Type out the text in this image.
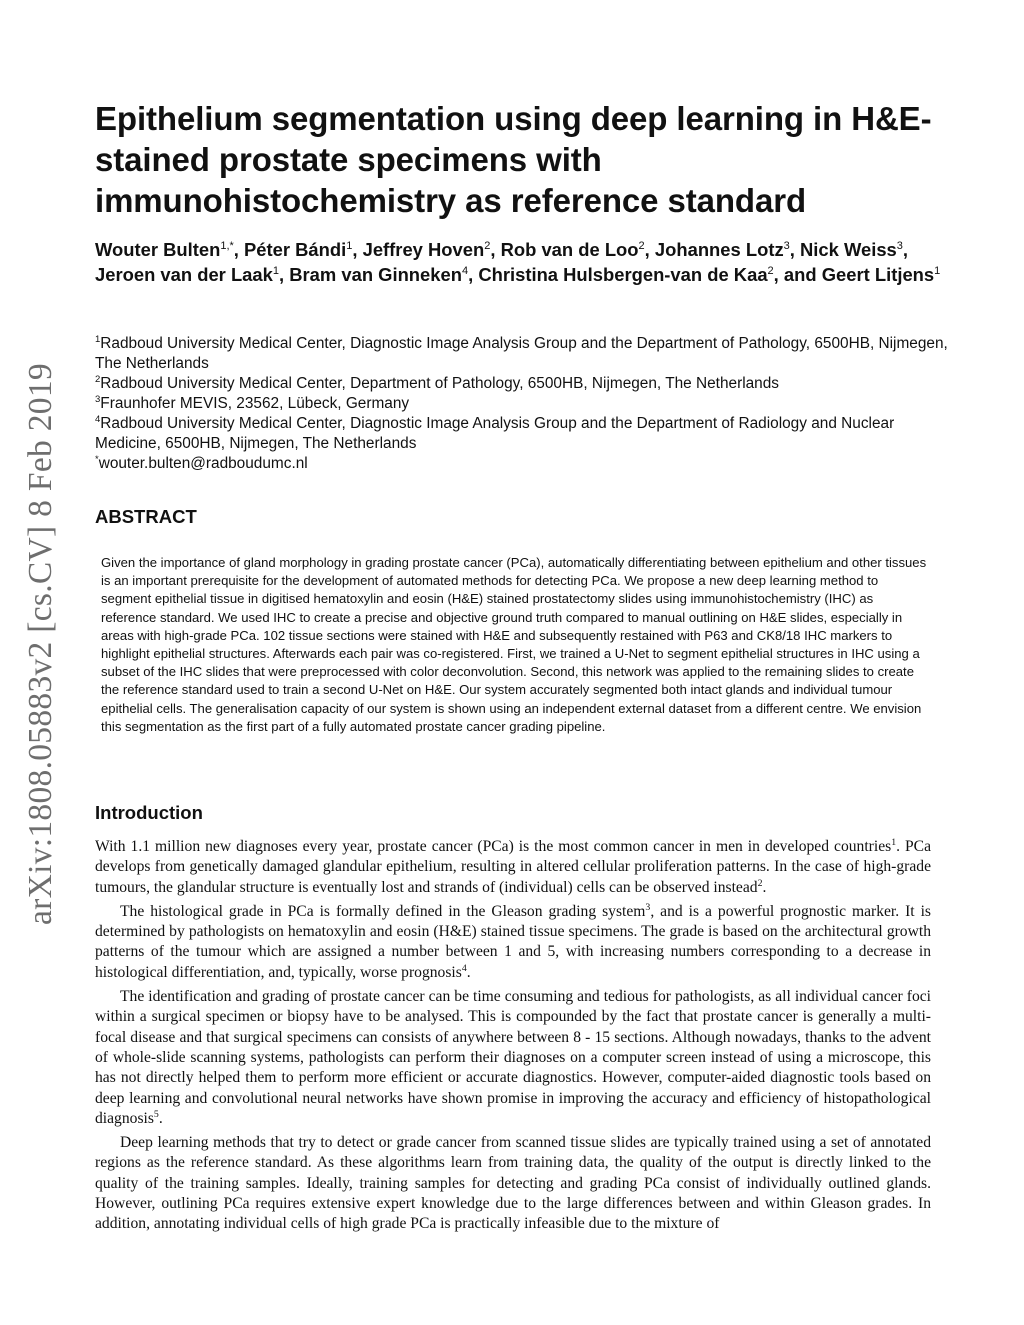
arXiv:1808.05883v2 [cs.CV] 8 Feb 2019
Epithelium segmentation using deep learning in H&E-stained prostate specimens with immunohistochemistry as reference standard

Wouter Bulten$^{1,*}$, Péter Bándi$^1$, Jeffrey Hoven$^2$, Rob van de Loo$^2$, Johannes Lotz$^3$, Nick Weiss$^3$, Jeroen van der Laak$^1$, Bram van Ginneken$^4$, Christina Hulsbergen-van de Kaa$^2$, and Geert Litjens$^1$

$^1$Radboud University Medical Center, Diagnostic Image Analysis Group and the Department of Pathology, 6500HB, Nijmegen, The Netherlands

$^2$Radboud University Medical Center, Department of Pathology, 6500HB, Nijmegen, The Netherlands

$^3$Fraunhofer MEVIS, 23562, Lübeck, Germany

$^4$Radboud University Medical Center, Diagnostic Image Analysis Group and the Department of Radiology and Nuclear Medicine, 6500HB, Nijmegen, The Netherlands

*wouter.bulten@radboudumc.nl

ABSTRACT

Given the importance of gland morphology in grading prostate cancer (PCa), automatically differentiating between epithelium and other tissues is an important prerequisite for the development of automated methods for detecting PCa. We propose a new deep learning method to segment epithelial tissue in digitised hematoxylin and eosin (H&E) stained prostatectomy slides using immunohistochemistry (IHC) as reference standard. We used IHC to create a precise and objective ground truth compared to manual outlining on H&E slides, especially in areas with high-grade PCa. 102 tissue sections were stained with H&E and subsequently restained with P63 and CK8/18 IHC markers to highlight epithelial structures. Afterwards each pair was co-registered. First, we trained a U-Net to segment epithelial structures in IHC using a subset of the IHC slides that were preprocessed with color deconvolution. Second, this network was applied to the remaining slides to create the reference standard used to train a second U-Net on H&E. Our system accurately segmented both intact glands and individual tumour epithelial cells. The generalisation capacity of our system is shown using an independent external dataset from a different centre. We envision this segmentation as the first part of a fully automated prostate cancer grading pipeline.

Introduction

With 1.1 million new diagnoses every year, prostate cancer (PCa) is the most common cancer in men in developed countries$^1$. PCa develops from genetically damaged glandular epithelium, resulting in altered cellular proliferation patterns. In the case of high-grade tumours, the glandular structure is eventually lost and strands of (individual) cells can be observed instead$^2$.

The histological grade in PCa is formally defined in the Gleason grading system$^3$, and is a powerful prognostic marker. It is determined by pathologists on hematoxylin and eosin (H&E) stained tissue specimens. The grade is based on the architectural growth patterns of the tumour which are assigned a number between 1 and 5, with increasing numbers corresponding to a decrease in histological differentiation, and, typically, worse prognosis$^4$.

The identification and grading of prostate cancer can be time consuming and tedious for pathologists, as all individual cancer foci within a surgical specimen or biopsy have to be analysed. This is compounded by the fact that prostate cancer is generally a multi-focal disease and that surgical specimens can consists of anywhere between 8 - 15 sections. Although nowadays, thanks to the advent of whole-slide scanning systems, pathologists can perform their diagnoses on a computer screen instead of using a microscope, this has not directly helped them to perform more efficient or accurate diagnostics. However, computer-aided diagnostic tools based on deep learning and convolutional neural networks have shown promise in improving the accuracy and efficiency of histopathological diagnosis$^5$.

Deep learning methods that try to detect or grade cancer from scanned tissue slides are typically trained using a set of annotated regions as the reference standard. As these algorithms learn from training data, the quality of the output is directly linked to the quality of the training samples. Ideally, training samples for detecting and grading PCa consist of individually outlined glands. However, outlining PCa requires extensive expert knowledge due to the large differences between and within Gleason grades. In addition, annotating individual cells of high grade PCa is practically infeasible due to the mixture of
